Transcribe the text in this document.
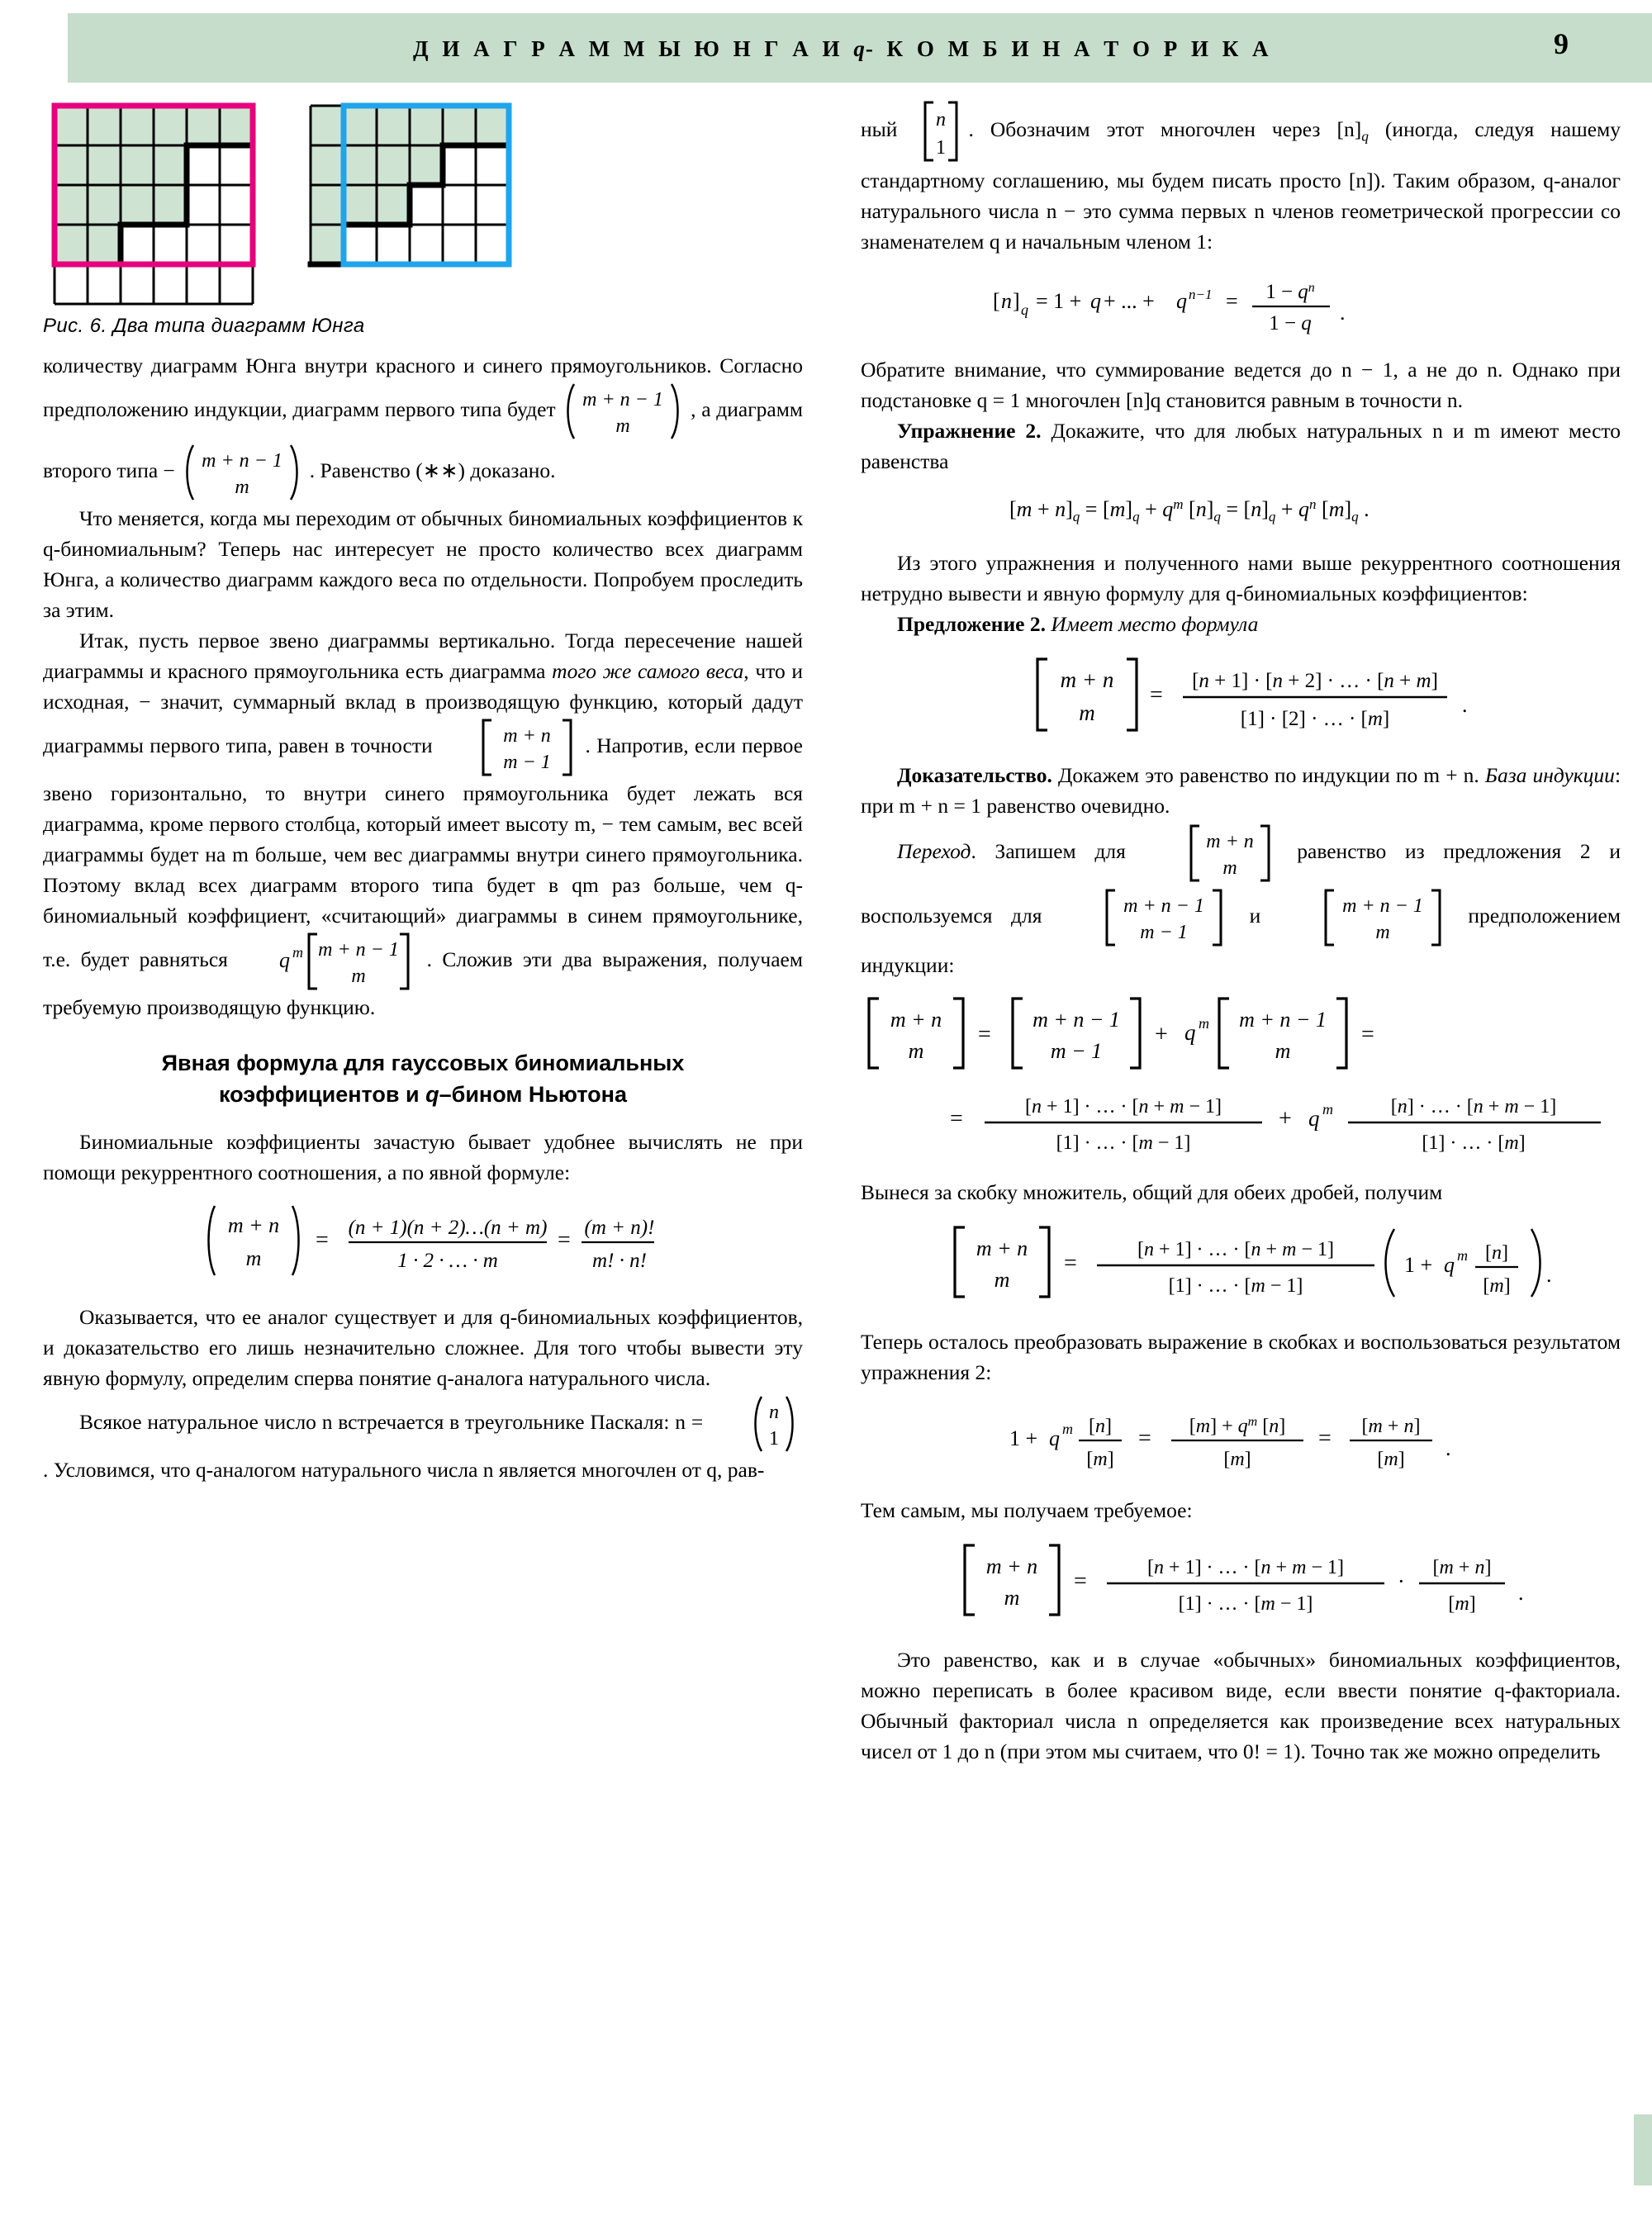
Д И А Г Р А М М Ы Ю Н Г А И q- К О М Б И Н А Т О Р И К А	9
Рис. 6. Два типа диаграмм Юнга

количеству диаграмм Юнга внутри красного и синего прямоугольников. Согласно предположению индукции, диаграмм первого типа будет m + n − 1
m
, а диаграмм второго типа − m + n − 1
m
. Равенство (∗∗) доказано.

Что меняется, когда мы переходим от обычных биномиальных коэффициентов к q-биномиальным? Теперь нас интересует не просто количество всех диаграмм Юнга, а количество диаграмм каждого веса по отдельности. Попробуем проследить за этим.

Итак, пусть первое звено диаграммы вертикально. Тогда пересечение нашей диаграммы и красного прямоугольника есть диаграмма того же самого веса, что и исходная, − значит, суммарный вклад в производящую функцию, который дадут диаграммы первого типа, равен в точности	m + n
m − 1
. Напротив, если первое звено горизонтально, то внутри синего прямоугольника будет лежать вся диаграмма, кроме первого столбца, который имеет высоту m, − тем самым, вес всей диаграммы будет на m больше, чем вес диаграммы внутри синего прямоугольника. Поэтому вклад всех диаграмм второго типа будет в qm раз больше, чем q-биномиальный коэффициент, «считающий» диаграммы в синем прямоугольнике, т.е. будет равняться q m m + n − 1
m
. Сложив эти два выражения, получаем требуемую производящую функцию.

Явная формула для гауссовых биномиальных
коэффициентов и q–бином Ньютона

Биномиальные коэффициенты зачастую бывает удобнее вычислять не при помощи рекуррентного соотношения, а по явной формуле:

m + n
m
= (n + 1)(n + 2)…(n + m)
1 · 2 · … · m
= (m + n)!
m! · n!

Оказывается, что ее аналог существует и для q-биномиальных коэффициентов, и доказательство его лишь незначительно сложнее. Для того чтобы вывести эту явную формулу, определим сперва понятие q-аналога натурального числа.

Всякое натуральное число n встречается в треугольнике Паскаля: n =	n
1
. Условимся, что q-аналогом натурального числа n является многочлен от q, рав-

ный n
1
. Обозначим этот многочлен через $[n]_q$ (иногда, следуя нашему стандартному соглашению, мы будем писать просто [n]). Таким образом, q-аналог натурального числа n − это сумма первых n членов геометрической прогрессии со знаменателем q и начальным членом 1:

[ n ] q = 1 + q + ... + q $n-1 = 1 - q^n$
1 − q .

Обратите внимание, что суммирование ведется до n − 1, а не до n. Однако при подстановке q = 1 многочлен [n]q становится равным в точности n.

Упражнение 2. Докажите, что для любых натуральных n и m имеют место равенства

$[m + n]_q = [m]_q + q^m$ $[n]_q = [n]_q + q^n$ $[m]_q$ .

Из этого упражнения и полученного нами выше рекуррентного соотношения нетрудно вывести и явную формулу для q-биномиальных коэффициентов:

Предложение 2. Имеет место формула

m + n
m
=
[n + 1] · [n + 2] · … · [n + m]
[1] · [2] · … · [m]
.

Доказательство. Докажем это равенство по индукции по m + n. База индукции: при m + n = 1 равенство очевидно.

Переход. Запишем для	m + n
m
равенство из предложения 2 и воспользуемся для	m + n − 1
m − 1
и	m + n − 1
m
предположением индукции:

m + n
m
=
m + n − 1
m − 1
+ q m m + n − 1
m
=

=	[n + 1] · … · [n + m − 1]
[1] · … · [m − 1]
+ q m	[n] · … · [n + m − 1]
[1] · … · [m]

Вынеся за скобку множитель, общий для обеих дробей, получим

m + n
m
=
[n + 1] · … · [n + m − 1]
[1] · … · [m − 1]
1 + q m [n]
[m] .

Теперь осталось преобразовать выражение в скобках и воспользоваться результатом упражнения 2:

1 + q m [n]
[m]
= $[m] + q^m$ [n]
[m]
= [m + n]
[m] .

Тем самым, мы получаем требуемое:

m + n
m
=
[n + 1] · … · [n + m − 1]
[1] · … · [m − 1]
·
[m + n]
[m] .

Это равенство, как и в случае «обычных» биномиальных коэффициентов, можно переписать в более красивом виде, если ввести понятие q-факториала. Обычный факториал числа n определяется как произведение всех натуральных чисел от 1 до n (при этом мы считаем, что 0! = 1). Точно так же можно определить
